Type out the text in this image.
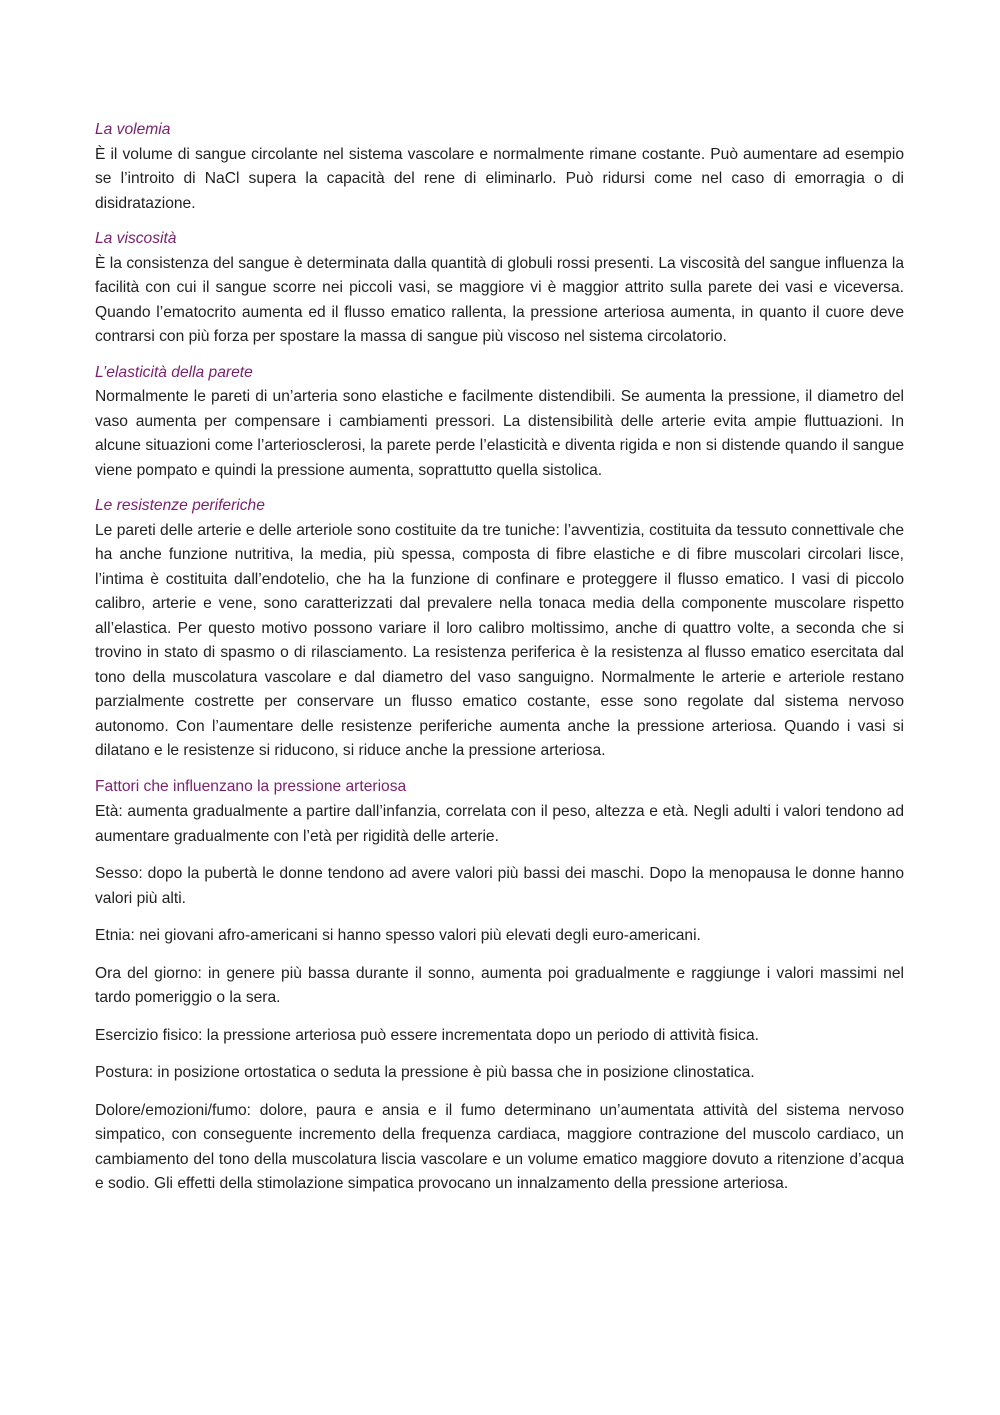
La volemia

È il volume di sangue circolante nel sistema vascolare e normalmente rimane costante. Può aumentare ad esempio se l’introito di NaCl supera la capacità del rene di eliminarlo. Può ridursi come nel caso di emorragia o di disidratazione.

La viscosità

È la consistenza del sangue è determinata dalla quantità di globuli rossi presenti. La viscosità del sangue influenza la facilità con cui il sangue scorre nei piccoli vasi, se maggiore vi è maggior attrito sulla parete dei vasi e viceversa. Quando l’ematocrito aumenta ed il flusso ematico rallenta, la pressione arteriosa aumenta, in quanto il cuore deve contrarsi con più forza per spostare la massa di sangue più viscoso nel sistema circolatorio.

L’elasticità della parete

Normalmente le pareti di un’arteria sono elastiche e facilmente distendibili. Se aumenta la pressione, il diametro del vaso aumenta per compensare i cambiamenti pressori. La distensibilità delle arterie evita ampie fluttuazioni. In alcune situazioni come l’arteriosclerosi, la parete perde l’elasticità e diventa rigida e non si distende quando il sangue viene pompato e quindi la pressione aumenta, soprattutto quella sistolica.

Le resistenze periferiche

Le pareti delle arterie e delle arteriole sono costituite da tre tuniche: l’avventizia, costituita da tessuto connettivale che ha anche funzione nutritiva, la media, più spessa, composta di fibre elastiche e di fibre muscolari circolari lisce, l’intima è costituita dall’endotelio, che ha la funzione di confinare e proteggere il flusso ematico. I vasi di piccolo calibro, arterie e vene, sono caratterizzati dal prevalere nella tonaca media della componente muscolare rispetto all’elastica. Per questo motivo possono variare il loro calibro moltissimo, anche di quattro volte, a seconda che si trovino in stato di spasmo o di rilasciamento. La resistenza periferica è la resistenza al flusso ematico esercitata dal tono della muscolatura vascolare e dal diametro del vaso sanguigno. Normalmente le arterie e arteriole restano parzialmente costrette per conservare un flusso ematico costante, esse sono regolate dal sistema nervoso autonomo. Con l’aumentare delle resistenze periferiche aumenta anche la pressione arteriosa. Quando i vasi si dilatano e le resistenze si riducono, si riduce anche la pressione arteriosa.

Fattori che influenzano la pressione arteriosa

Età: aumenta gradualmente a partire dall’infanzia, correlata con il peso, altezza e età. Negli adulti i valori tendono ad aumentare gradualmente con l’età per rigidità delle arterie.

Sesso: dopo la pubertà le donne tendono ad avere valori più bassi dei maschi. Dopo la menopausa le donne hanno valori più alti.

Etnia: nei giovani afro-americani si hanno spesso valori più elevati degli euro-americani.

Ora del giorno: in genere più bassa durante il sonno, aumenta poi gradualmente e raggiunge i valori massimi nel tardo pomeriggio o la sera.

Esercizio fisico: la pressione arteriosa può essere incrementata dopo un periodo di attività fisica.

Postura: in posizione ortostatica o seduta la pressione è più bassa che in posizione clinostatica.

Dolore/emozioni/fumo: dolore, paura e ansia e il fumo determinano un’aumentata attività del sistema nervoso simpatico, con conseguente incremento della frequenza cardiaca, maggiore contrazione del muscolo cardiaco, un cambiamento del tono della muscolatura liscia vascolare e un volume ematico maggiore dovuto a ritenzione d’acqua e sodio. Gli effetti della stimolazione simpatica provocano un innalzamento della pressione arteriosa.
